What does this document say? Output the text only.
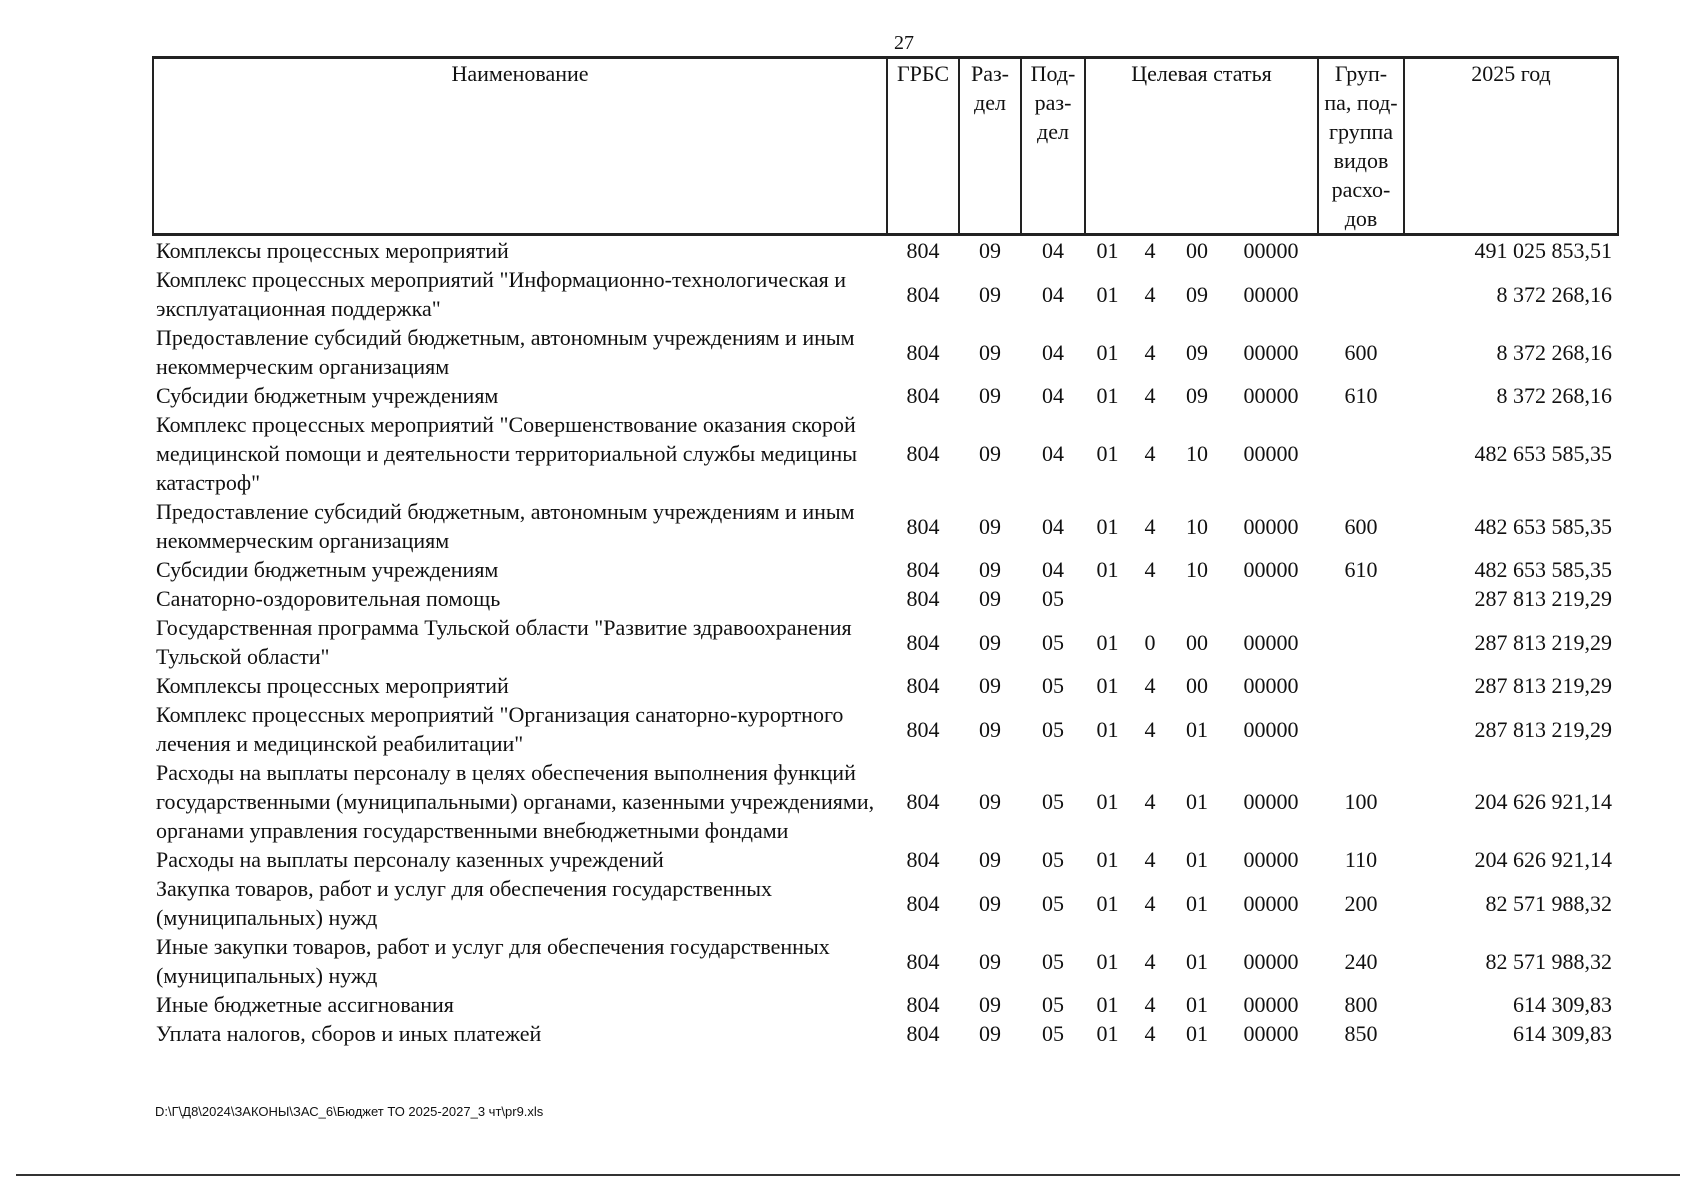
27
Наименование	ГРБС	Раз- дел	Под- раз- дел	Целевая статья				Груп- па, под- группа видов расхо- дов	2025 год
Комплексы процессных мероприятий	804	09	04	01	4	00	00000		491 025 853,51
Комплекс процессных мероприятий "Информационно-технологическая и эксплуатационная поддержка"	804	09	04	01	4	09	00000		8 372 268,16
Предоставление субсидий бюджетным, автономным учреждениям и иным некоммерческим организациям	804	09	04	01	4	09	00000	600	8 372 268,16
Субсидии бюджетным учреждениям	804	09	04	01	4	09	00000	610	8 372 268,16
Комплекс процессных мероприятий "Совершенствование оказания скорой медицинской помощи и деятельности территориальной службы медицины катастроф"	804	09	04	01	4	10	00000		482 653 585,35
Предоставление субсидий бюджетным, автономным учреждениям и иным некоммерческим организациям	804	09	04	01	4	10	00000	600	482 653 585,35
Субсидии бюджетным учреждениям	804	09	04	01	4	10	00000	610	482 653 585,35
Санаторно-оздоровительная помощь	804	09	05						287 813 219,29
Государственная программа Тульской области "Развитие здравоохранения Тульской области"	804	09	05	01	0	00	00000		287 813 219,29
Комплексы процессных мероприятий	804	09	05	01	4	00	00000		287 813 219,29
Комплекс процессных мероприятий "Организация санаторно-курортного лечения и медицинской реабилитации"	804	09	05	01	4	01	00000		287 813 219,29
Расходы на выплаты персоналу в целях обеспечения выполнения функций государственными (муниципальными) органами, казенными учреждениями, органами управления государственными внебюджетными фондами	804	09	05	01	4	01	00000	100	204 626 921,14
Расходы на выплаты персоналу казенных учреждений	804	09	05	01	4	01	00000	110	204 626 921,14
Закупка товаров, работ и услуг для обеспечения государственных (муниципальных) нужд	804	09	05	01	4	01	00000	200	82 571 988,32
Иные закупки товаров, работ и услуг для обеспечения государственных (муниципальных) нужд	804	09	05	01	4	01	00000	240	82 571 988,32
Иные бюджетные ассигнования	804	09	05	01	4	01	00000	800	614 309,83
Уплата налогов, сборов и иных платежей	804	09	05	01	4	01	00000	850	614 309,83
D:\Г\Д8\2024\ЗАКОНЫ\ЗАС_6\Бюджет ТО 2025-2027_3 чт\pr9.xls
